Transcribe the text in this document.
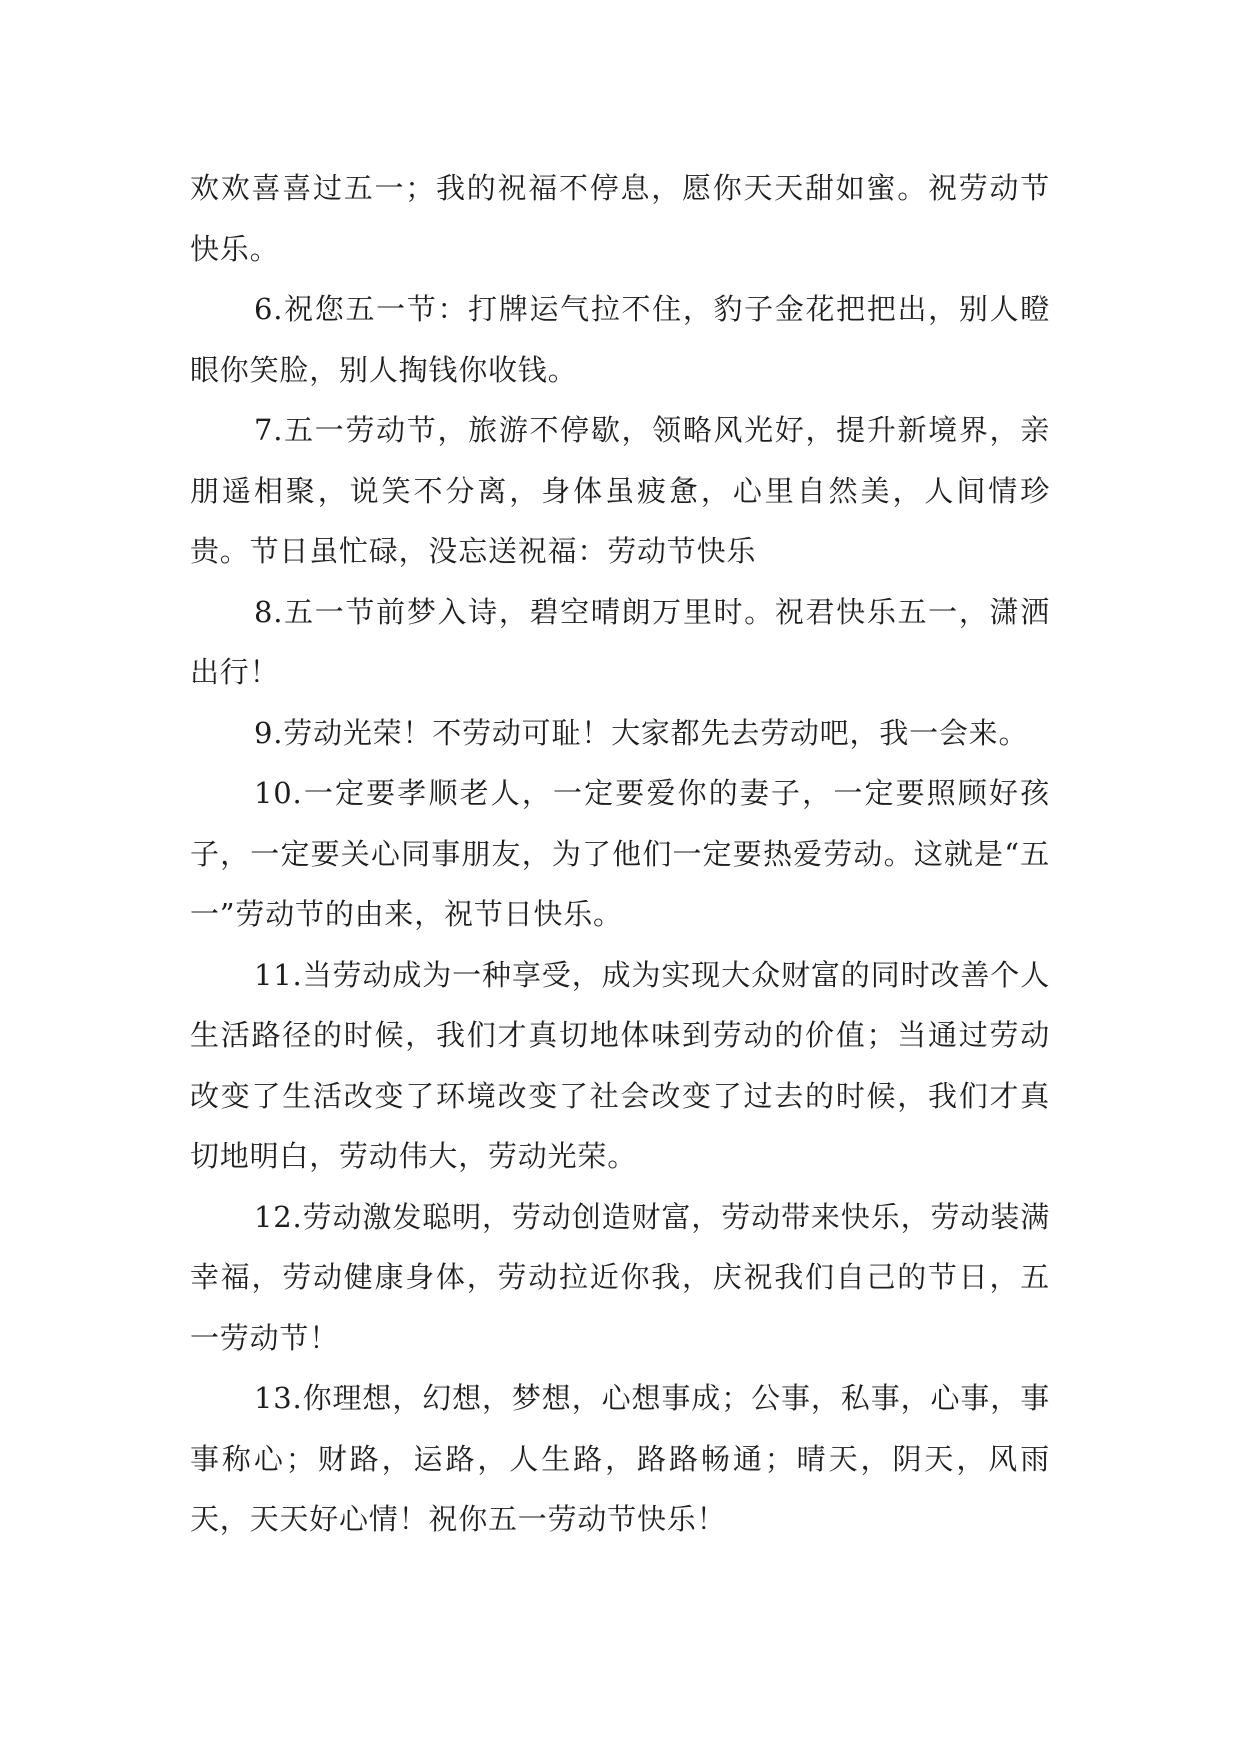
欢欢喜喜过五一；我的祝福不停息，愿你天天甜如蜜。祝劳动节快乐。

6.祝您五一节：打牌运气拉不住，豹子金花把把出，别人瞪眼你笑脸，别人掏钱你收钱。

7.五一劳动节，旅游不停歇，领略风光好，提升新境界，亲朋遥相聚，说笑不分离，身体虽疲惫，心里自然美，人间情珍贵。节日虽忙碌，没忘送祝福：劳动节快乐

8.五一节前梦入诗，碧空晴朗万里时。祝君快乐五一，潇洒出行！

9.劳动光荣！不劳动可耻！大家都先去劳动吧，我一会来。

10.一定要孝顺老人，一定要爱你的妻子，一定要照顾好孩子，一定要关心同事朋友，为了他们一定要热爱劳动。这就是“五一”劳动节的由来，祝节日快乐。

11.当劳动成为一种享受，成为实现大众财富的同时改善个人生活路径的时候，我们才真切地体味到劳动的价值；当通过劳动改变了生活改变了环境改变了社会改变了过去的时候，我们才真切地明白，劳动伟大，劳动光荣。

12.劳动激发聪明，劳动创造财富，劳动带来快乐，劳动装满幸福，劳动健康身体，劳动拉近你我，庆祝我们自己的节日，五一劳动节！

13.你理想，幻想，梦想，心想事成；公事，私事，心事，事事称心；财路，运路，人生路，路路畅通；晴天，阴天，风雨天，天天好心情！祝你五一劳动节快乐！
